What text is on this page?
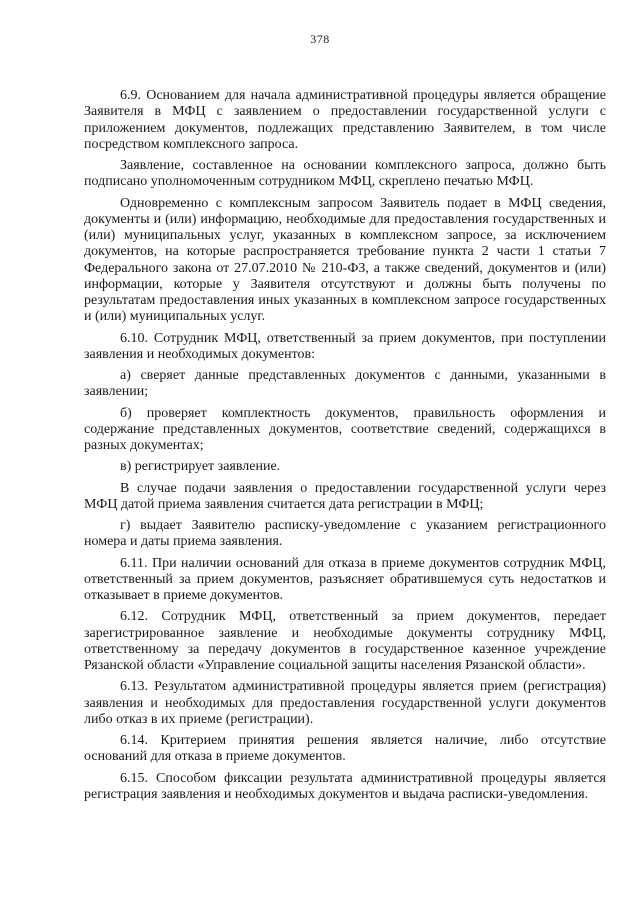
378

6.9. Основанием для начала административной процедуры является обращение Заявителя в МФЦ с заявлением о предоставлении государственной услуги с приложением документов, подлежащих представлению Заявителем, в том числе посредством комплексного запроса.

Заявление, составленное на основании комплексного запроса, должно быть подписано уполномоченным сотрудником МФЦ, скреплено печатью МФЦ.

Одновременно с комплексным запросом Заявитель подает в МФЦ сведения, документы и (или) информацию, необходимые для предоставления государственных и (или) муниципальных услуг, указанных в комплексном запросе, за исключением документов, на которые распространяется требование пункта 2 части 1 статьи 7 Федерального закона от 27.07.2010 № 210-ФЗ, а также сведений, документов и (или) информации, которые у Заявителя отсутствуют и должны быть получены по результатам предоставления иных указанных в комплексном запросе государственных и (или) муниципальных услуг.

6.10. Сотрудник МФЦ, ответственный за прием документов, при поступлении заявления и необходимых документов:

а) сверяет данные представленных документов с данными, указанными в заявлении;

б) проверяет комплектность документов, правильность оформления и содержание представленных документов, соответствие сведений, содержащихся в разных документах;

в) регистрирует заявление.

В случае подачи заявления о предоставлении государственной услуги через МФЦ датой приема заявления считается дата регистрации в МФЦ;

г) выдает Заявителю расписку-уведомление с указанием регистрационного номера и даты приема заявления.

6.11. При наличии оснований для отказа в приеме документов сотрудник МФЦ, ответственный за прием документов, разъясняет обратившемуся суть недостатков и отказывает в приеме документов.

6.12. Сотрудник МФЦ, ответственный за прием документов, передает зарегистрированное заявление и необходимые документы сотруднику МФЦ, ответственному за передачу документов в государственное казенное учреждение Рязанской области «Управление социальной защиты населения Рязанской области».

6.13. Результатом административной процедуры является прием (регистрация) заявления и необходимых для предоставления государственной услуги документов либо отказ в их приеме (регистрации).

6.14. Критерием принятия решения является наличие, либо отсутствие оснований для отказа в приеме документов.

6.15. Способом фиксации результата административной процедуры является регистрация заявления и необходимых документов и выдача расписки-уведомления.
